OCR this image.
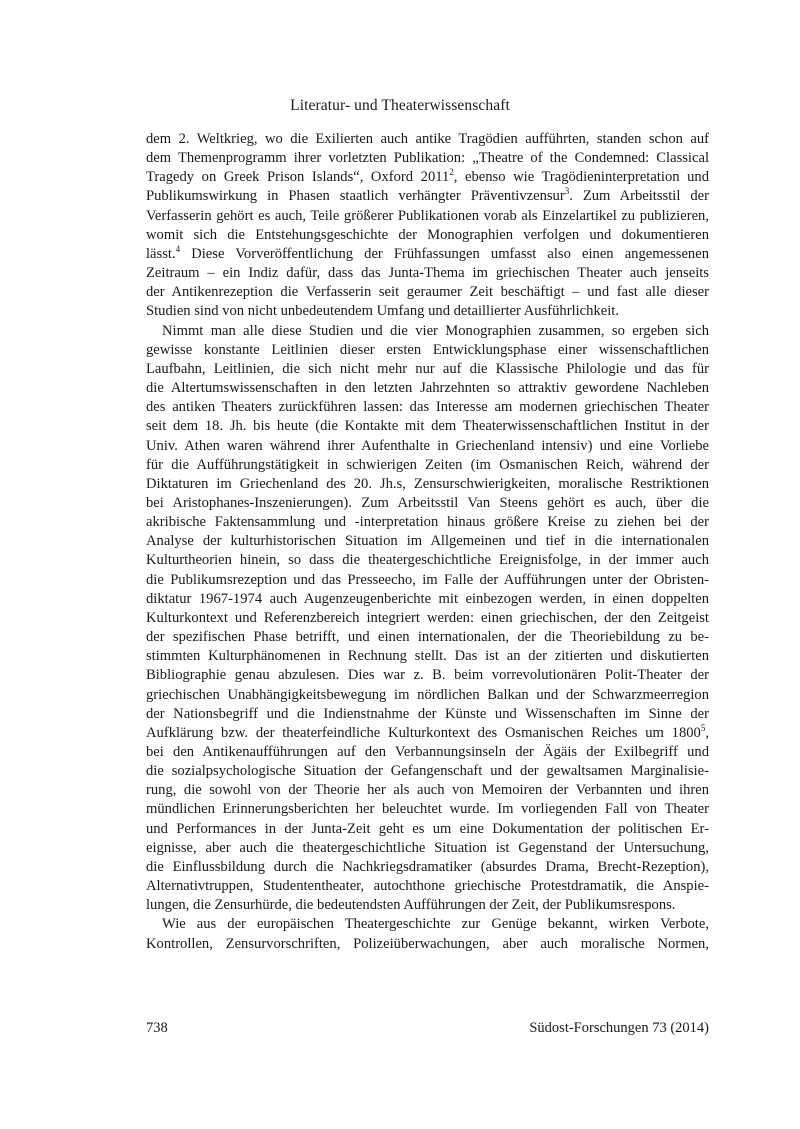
Literatur- und Theaterwissenschaft

dem 2. Weltkrieg, wo die Exilierten auch antike Tragödien aufführten, standen schon auf
dem Themenprogramm ihrer vorletzten Publikation: „Theatre of the Condemned: Classical
Tragedy on Greek Prison Islands“, Oxford 2011$^2$, ebenso wie Tragödieninterpretation und
Publikumswirkung in Phasen staatlich verhängter Präventivzensur$^3$. Zum Arbeitsstil der
Verfasserin gehört es auch, Teile größerer Publikationen vorab als Einzelartikel zu publizieren,
womit sich die Entstehungsgeschichte der Monographien verfolgen und dokumentieren
lässt.$^4$ Diese Vorveröffentlichung der Frühfassungen umfasst also einen angemessenen
Zeitraum – ein Indiz dafür, dass das Junta-Thema im griechischen Theater auch jenseits
der Antikenrezeption die Verfasserin seit geraumer Zeit beschäftigt – und fast alle dieser
Studien sind von nicht unbedeutendem Umfang und detaillierter Ausführlichkeit.

Nimmt man alle diese Studien und die vier Monographien zusammen, so ergeben sich
gewisse konstante Leitlinien dieser ersten Entwicklungsphase einer wissenschaftlichen
Laufbahn, Leitlinien, die sich nicht mehr nur auf die Klassische Philologie und das für
die Altertumswissenschaften in den letzten Jahrzehnten so attraktiv gewordene Nachleben
des antiken Theaters zurückführen lassen: das Interesse am modernen griechischen Theater
seit dem 18. Jh. bis heute (die Kontakte mit dem Theaterwissenschaftlichen Institut in der
Univ. Athen waren während ihrer Aufenthalte in Griechenland intensiv) und eine Vorliebe
für die Aufführungstätigkeit in schwierigen Zeiten (im Osmanischen Reich, während der
Diktaturen im Griechenland des 20. Jh.s, Zensurschwierigkeiten, moralische Restriktionen
bei Aristophanes-Inszenierungen). Zum Arbeitsstil Van Steens gehört es auch, über die
akribische Faktensammlung und -interpretation hinaus größere Kreise zu ziehen bei der
Analyse der kulturhistorischen Situation im Allgemeinen und tief in die internationalen
Kulturtheorien hinein, so dass die theatergeschichtliche Ereignisfolge, in der immer auch
die Publikumsrezeption und das Presseecho, im Falle der Aufführungen unter der Obristen-
diktatur 1967-1974 auch Augenzeugenberichte mit einbezogen werden, in einen doppelten
Kulturkontext und Referenzbereich integriert werden: einen griechischen, der den Zeitgeist
der spezifischen Phase betrifft, und einen internationalen, der die Theoriebildung zu be-
stimmten Kulturphänomenen in Rechnung stellt. Das ist an der zitierten und diskutierten
Bibliographie genau abzulesen. Dies war z. B. beim vorrevolutionären Polit-Theater der
griechischen Unabhängigkeitsbewegung im nördlichen Balkan und der Schwarzmeerregion
der Nationsbegriff und die Indienstnahme der Künste und Wissenschaften im Sinne der
Aufklärung bzw. der theaterfeindliche Kulturkontext des Osmanischen Reiches um 1800$^5$,
bei den Antikenaufführungen auf den Verbannungsinseln der Ägäis der Exilbegriff und
die sozialpsychologische Situation der Gefangenschaft und der gewaltsamen Marginalisie-
rung, die sowohl von der Theorie her als auch von Memoiren der Verbannten und ihren
mündlichen Erinnerungsberichten her beleuchtet wurde. Im vorliegenden Fall von Theater
und Performances in der Junta-Zeit geht es um eine Dokumentation der politischen Er-
eignisse, aber auch die theatergeschichtliche Situation ist Gegenstand der Untersuchung,
die Einflussbildung durch die Nachkriegsdramatiker (absurdes Drama, Brecht-Rezeption),
Alternativtruppen, Studententheater, autochthone griechische Protestdramatik, die Anspie-
lungen, die Zensurhürde, die bedeutendsten Aufführungen der Zeit, der Publikumsrespons.

Wie aus der europäischen Theatergeschichte zur Genüge bekannt, wirken Verbote,
Kontrollen, Zensurvorschriften, Polizeiüberwachungen, aber auch moralische Normen,

738	Südost-Forschungen 73 (2014)
